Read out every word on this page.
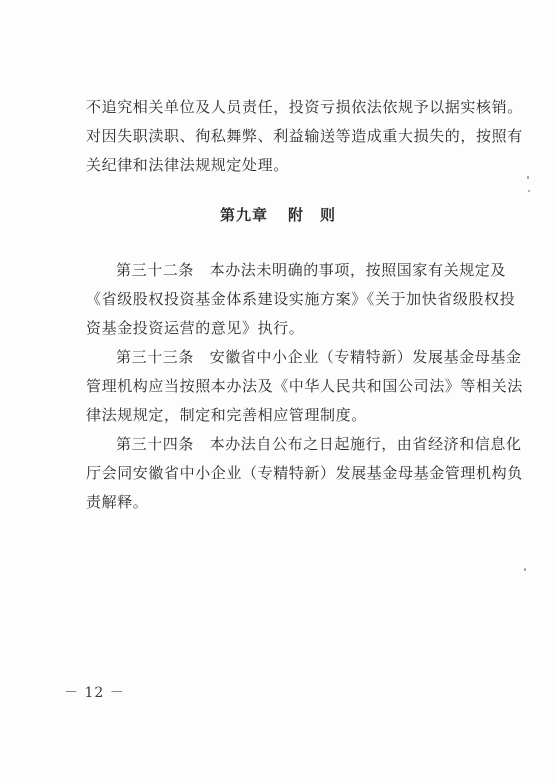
不追究相关单位及人员责任，投资亏损依法依规予以据实核销。
对因失职渎职、徇私舞弊、利益输送等造成重大损失的，按照有
关纪律和法律法规规定处理。
第九章 附　则
第三十二条　本办法未明确的事项，按照国家有关规定及
《省级股权投资基金体系建设实施方案》《关于加快省级股权投
资基金投资运营的意见》执行。
第三十三条　安徽省中小企业（专精特新）发展基金母基金
管理机构应当按照本办法及《中华人民共和国公司法》等相关法
律法规规定，制定和完善相应管理制度。
第三十四条　本办法自公布之日起施行，由省经济和信息化
厅会同安徽省中小企业（专精特新）发展基金母基金管理机构负
责解释。
－ 12 －
